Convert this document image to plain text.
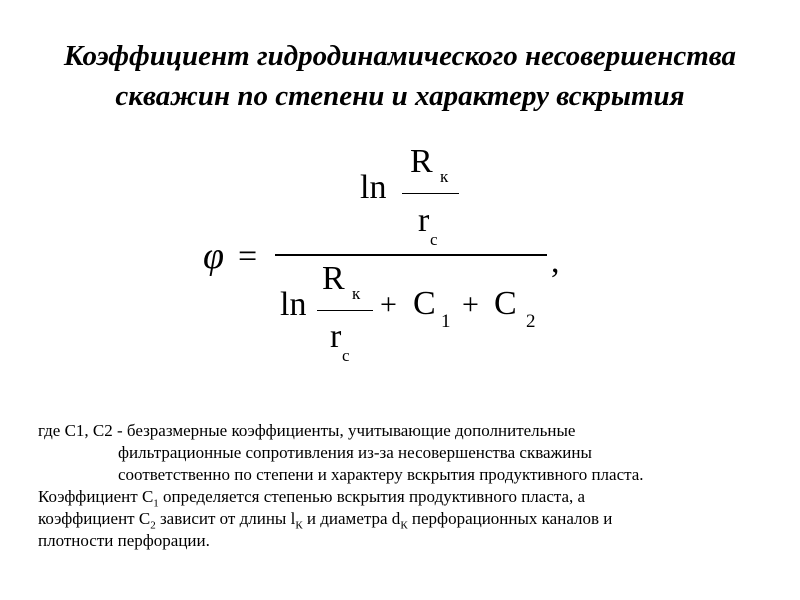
Коэффициент гидродинамического несовершенства
скважин по степени и характеру вскрытия
φ =
ln
R к
r
c
,
ln
R к
r
c
+ C 1
+ C 2

где С1, С2 - безразмерные коэффициенты, учитывающие дополнительные

фильтрационные сопротивления из-за несовершенства скважины

соответственно по степени и характеру вскрытия продуктивного пласта.

Коэффициент $С_1$ определяется степенью вскрытия продуктивного пласта, а

коэффициент $С_2$ зависит от длины $l_К$ и диаметра $d_К$ перфорационных каналов и

плотности перфорации.
